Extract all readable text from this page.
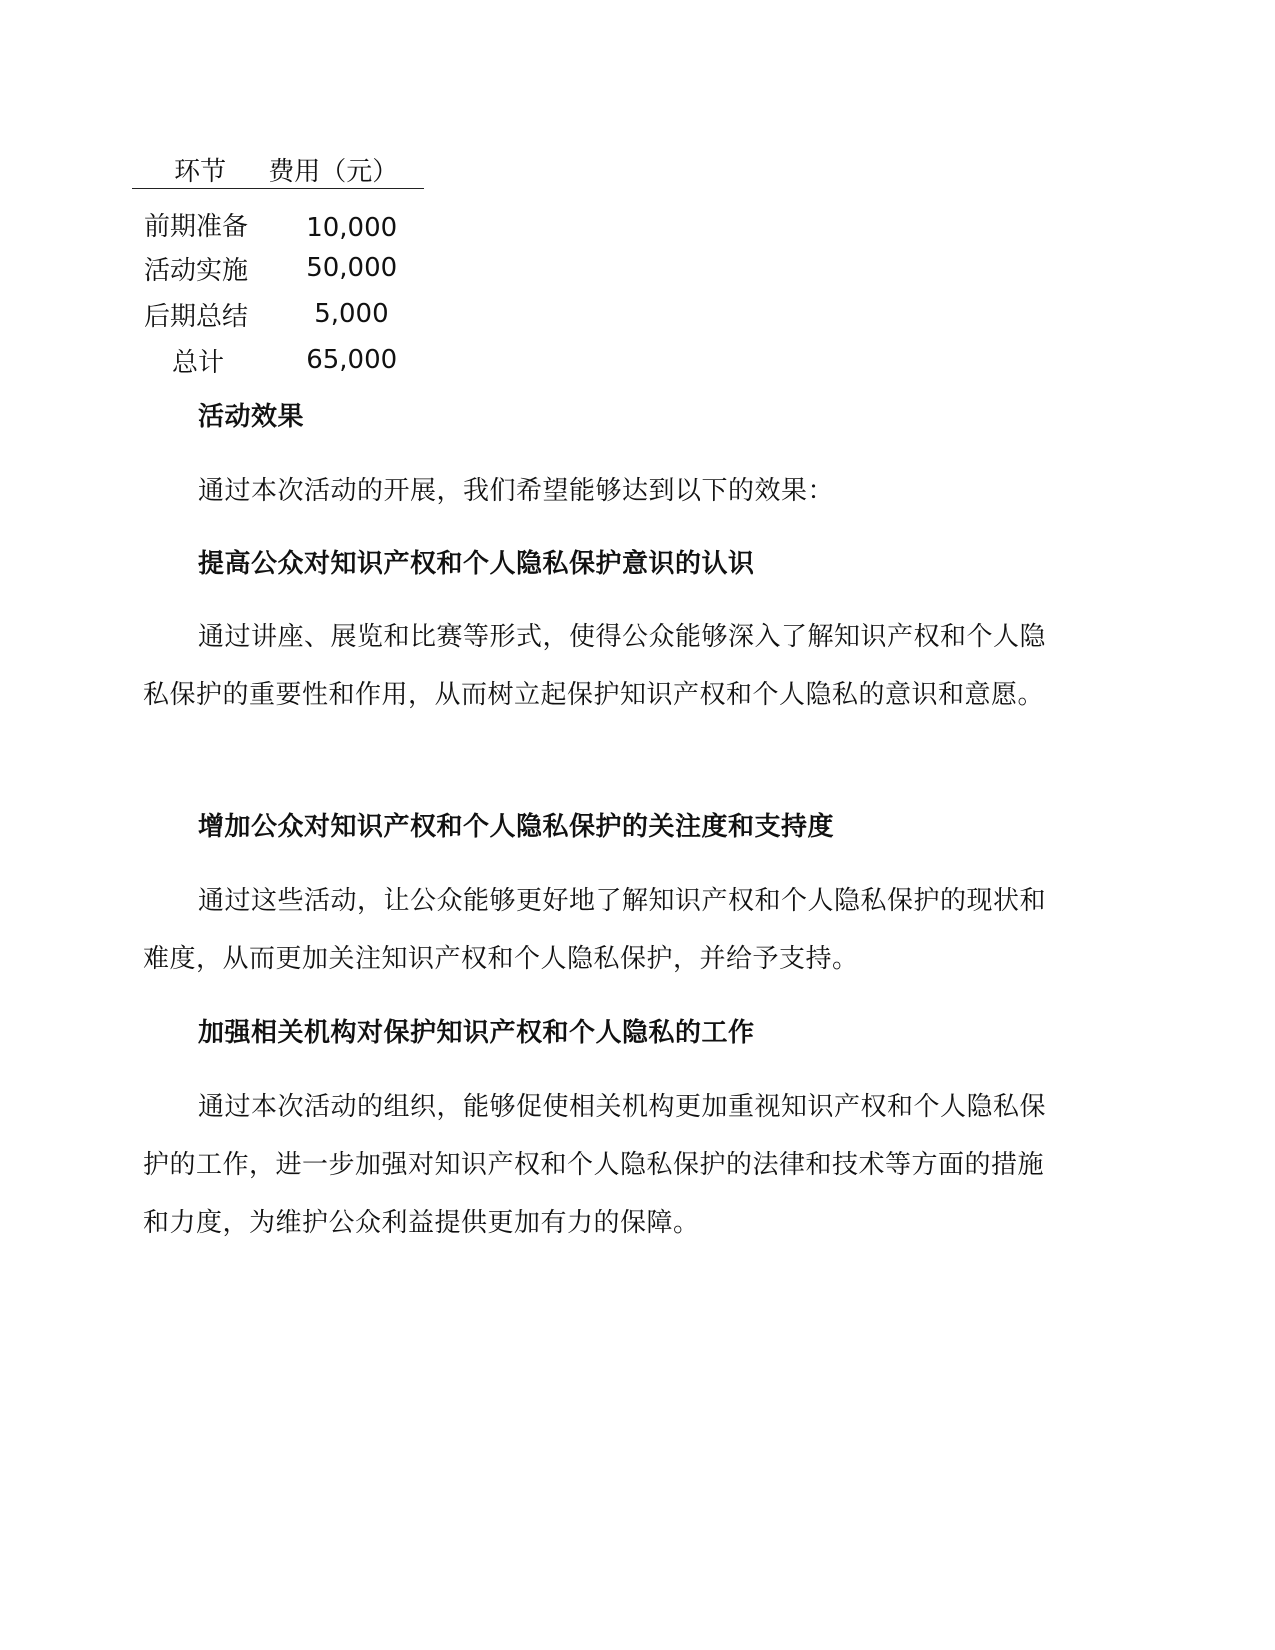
环节	费用（元）
前期准备	10,000
活动实施	50,000
后期总结	5,000
总计	65,000
活动效果
通过本次活动的开展，我们希望能够达到以下的效果：
提高公众对知识产权和个人隐私保护意识的认识
通过讲座、展览和比赛等形式，使得公众能够深入了解知识产权和个人隐私保护的重要性和作用，从而树立起保护知识产权和个人隐私的意识和意愿。
增加公众对知识产权和个人隐私保护的关注度和支持度
通过这些活动，让公众能够更好地了解知识产权和个人隐私保护的现状和难度，从而更加关注知识产权和个人隐私保护，并给予支持。
加强相关机构对保护知识产权和个人隐私的工作
通过本次活动的组织，能够促使相关机构更加重视知识产权和个人隐私保护的工作，进一步加强对知识产权和个人隐私保护的法律和技术等方面的措施和力度，为维护公众利益提供更加有力的保障。
